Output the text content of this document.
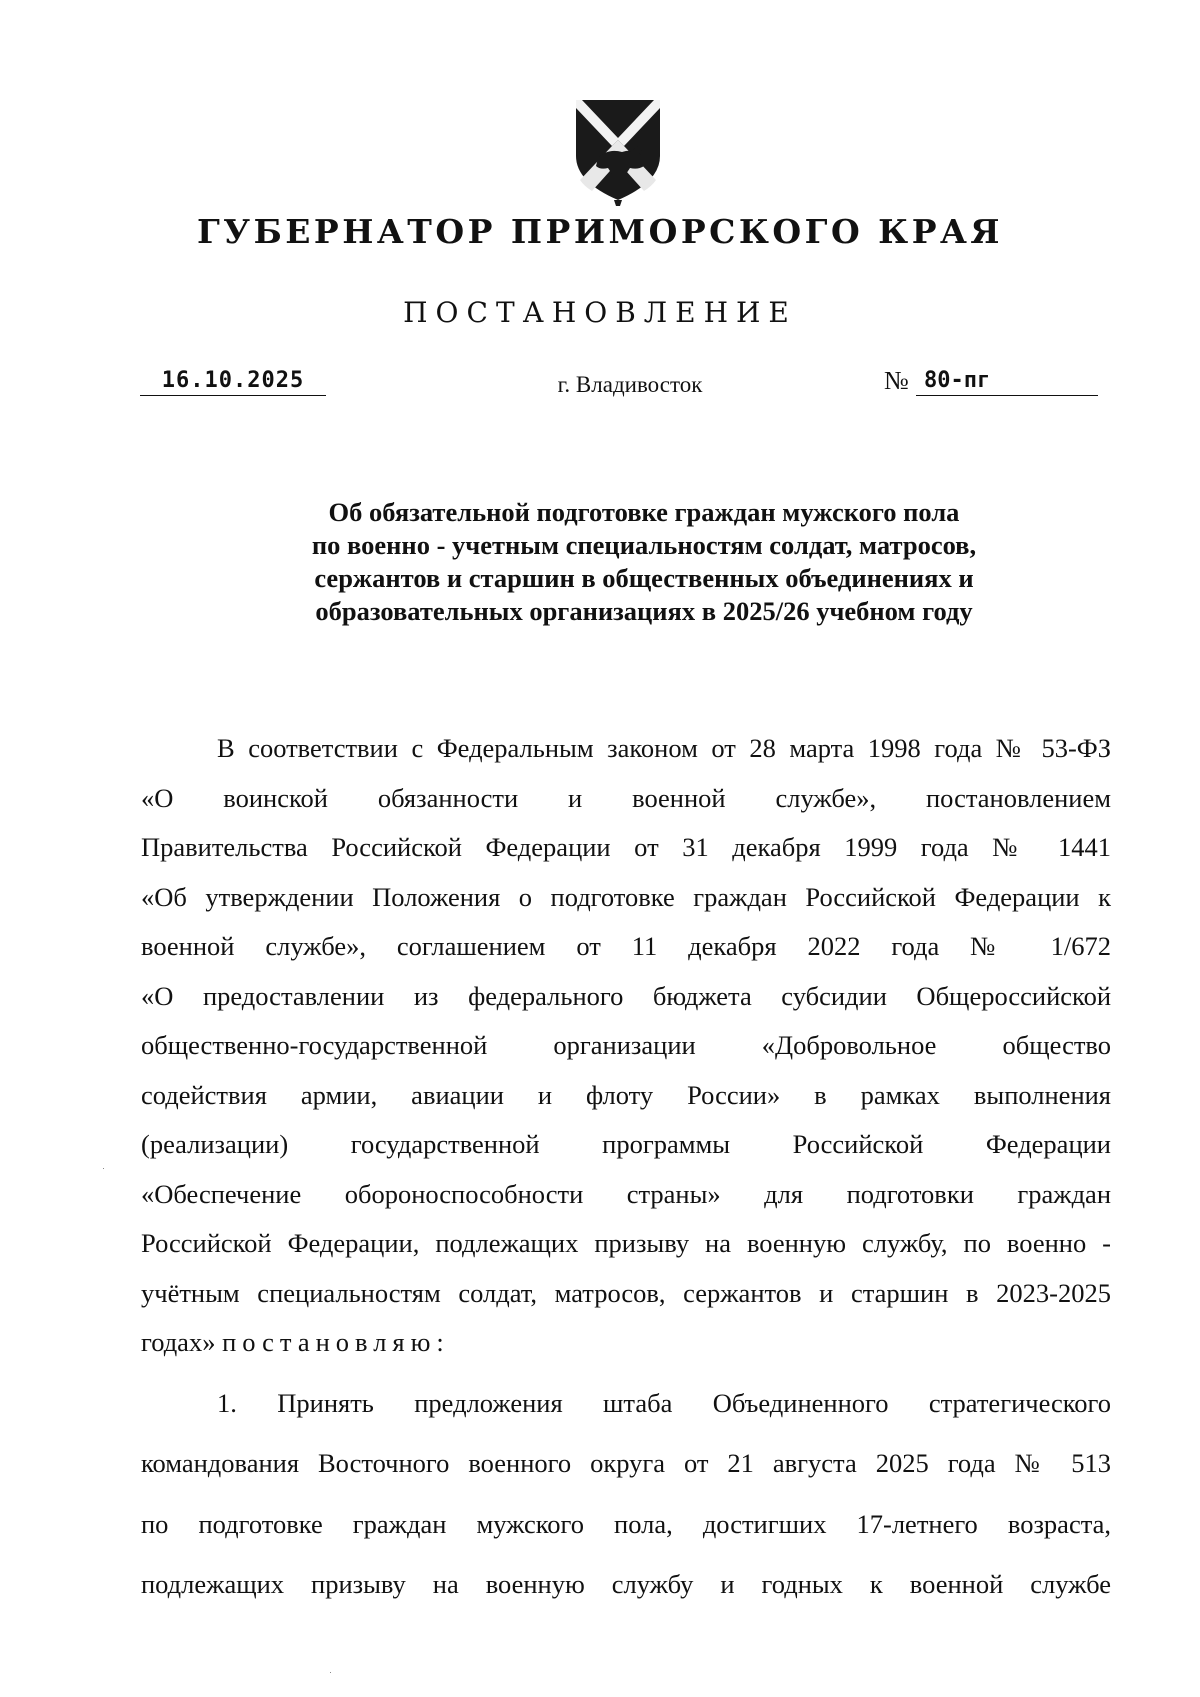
ГУБЕРНАТОР ПРИМОРСКОГО КРАЯ
ПОСТАНОВЛЕНИЕ
16.10.2025	г. Владивосток	№ 80-пг
Об обязательной подготовке граждан мужского пола
по военно - учетным специальностям солдат, матросов,
сержантов и старшин в общественных объединениях и
образовательных организациях в 2025/26 учебном году
В соответствии с Федеральным законом от 28 марта 1998 года № 53-ФЗ
«О воинской обязанности и военной службе», постановлением
Правительства Российской Федерации от 31 декабря 1999 года № 1441
«Об утверждении Положения о подготовке граждан Российской Федерации к
военной службе», соглашением от 11 декабря 2022 года № 1/672
«О предоставлении из федерального бюджета субсидии Общероссийской
общественно-государственной организации «Добровольное общество
содействия армии, авиации и флоту России» в рамках выполнения
(реализации) государственной программы Российской Федерации
«Обеспечение обороноспособности страны» для подготовки граждан
Российской Федерации, подлежащих призыву на военную службу, по военно -
учётным специальностям солдат, матросов, сержантов и старшин в 2023-2025
годах» постановляю:
1. Принять предложения штаба Объединенного стратегического
командования Восточного военного округа от 21 августа 2025 года № 513
по подготовке граждан мужского пола, достигших 17-летнего возраста,
подлежащих призыву на военную службу и годных к военной службе
